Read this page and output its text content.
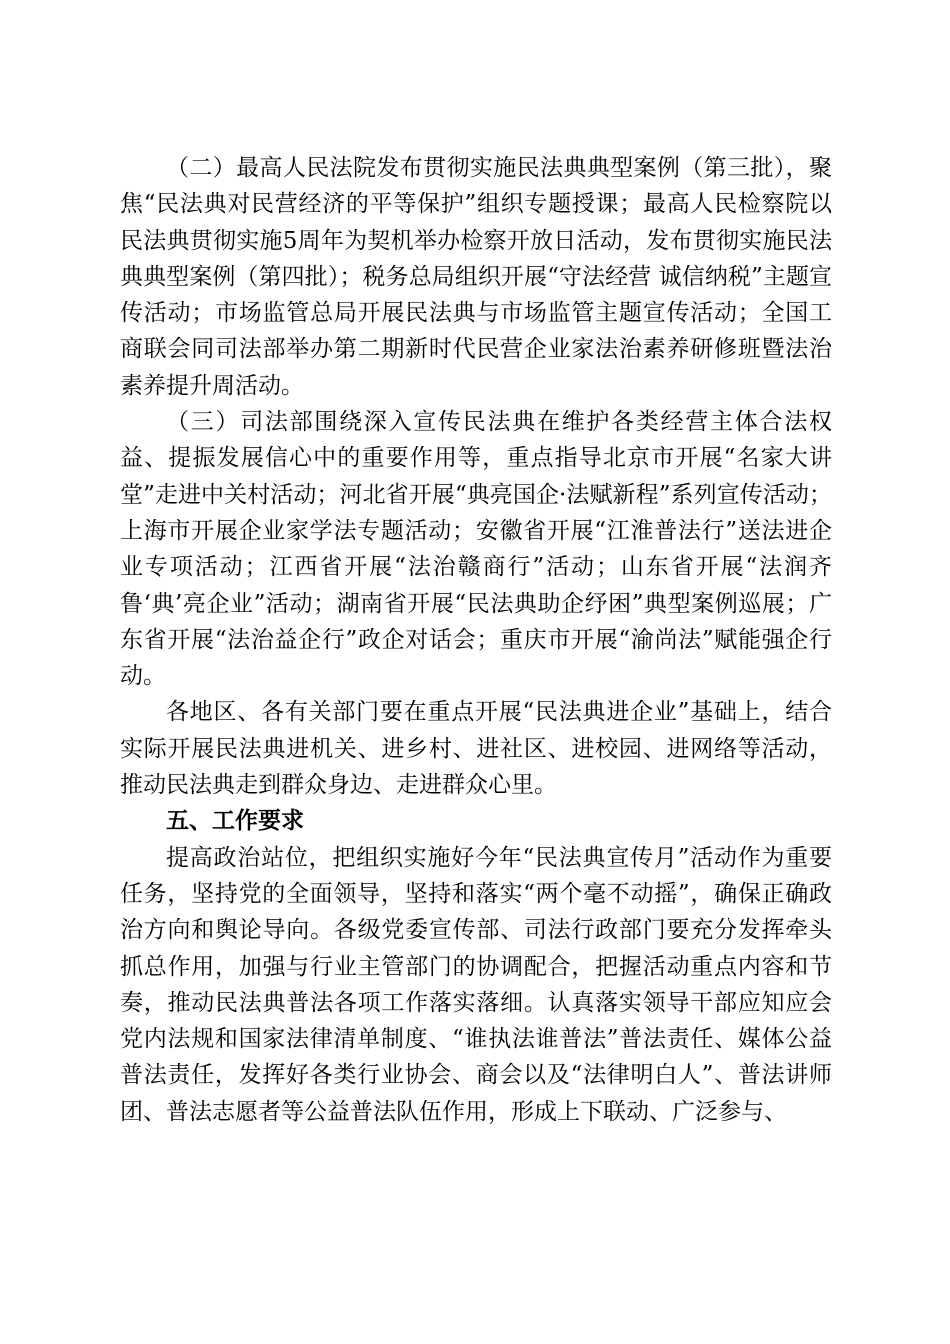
（二）最高人民法院发布贯彻实施民法典典型案例（第三批），聚焦“民法典对民营经济的平等保护”组织专题授课；最高人民检察院以民法典贯彻实施5周年为契机举办检察开放日活动，发布贯彻实施民法典典型案例（第四批）；税务总局组织开展“守法经营 诚信纳税”主题宣传活动；市场监管总局开展民法典与市场监管主题宣传活动；全国工商联会同司法部举办第二期新时代民营企业家法治素养研修班暨法治素养提升周活动。

（三）司法部围绕深入宣传民法典在维护各类经营主体合法权益、提振发展信心中的重要作用等，重点指导北京市开展“名家大讲堂”走进中关村活动；河北省开展“典亮国企·法赋新程”系列宣传活动；上海市开展企业家学法专题活动；安徽省开展“江淮普法行”送法进企业专项活动；江西省开展“法治赣商行”活动；山东省开展“法润齐鲁‘典’亮企业”活动；湖南省开展“民法典助企纾困”典型案例巡展；广东省开展“法治益企行”政企对话会；重庆市开展“渝尚法”赋能强企行动。

各地区、各有关部门要在重点开展“民法典进企业”基础上，结合实际开展民法典进机关、进乡村、进社区、进校园、进网络等活动，推动民法典走到群众身边、走进群众心里。

五、工作要求

提高政治站位，把组织实施好今年“民法典宣传月”活动作为重要任务，坚持党的全面领导，坚持和落实“两个毫不动摇”，确保正确政治方向和舆论导向。各级党委宣传部、司法行政部门要充分发挥牵头抓总作用，加强与行业主管部门的协调配合，把握活动重点内容和节奏，推动民法典普法各项工作落实落细。认真落实领导干部应知应会党内法规和国家法律清单制度、“谁执法谁普法”普法责任、媒体公益普法责任，发挥好各类行业协会、商会以及“法律明白人”、普法讲师团、普法志愿者等公益普法队伍作用，形成上下联动、广泛参与、
